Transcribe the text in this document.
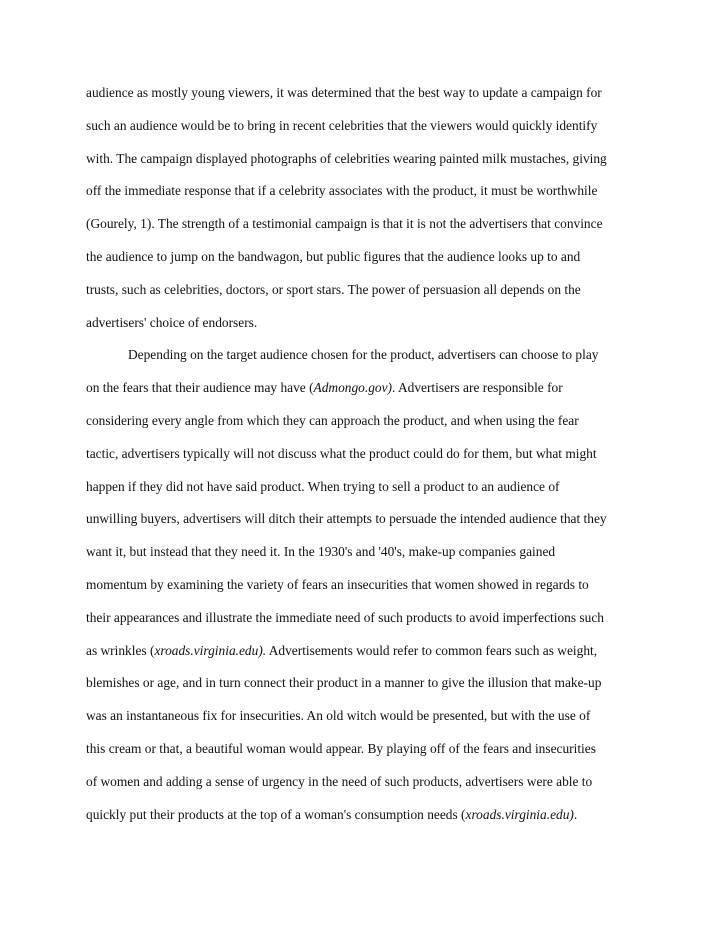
audience as mostly young viewers, it was determined that the best way to update a campaign for
such an audience would be to bring in recent celebrities that the viewers would quickly identify
with. The campaign displayed photographs of celebrities wearing painted milk mustaches, giving
off the immediate response that if a celebrity associates with the product, it must be worthwhile
(Gourely, 1). The strength of a testimonial campaign is that it is not the advertisers that convince
the audience to jump on the bandwagon, but public figures that the audience looks up to and
trusts, such as celebrities, doctors, or sport stars. The power of persuasion all depends on the
advertisers' choice of endorsers.
Depending on the target audience chosen for the product, advertisers can choose to play
on the fears that their audience may have (Admongo.gov). Advertisers are responsible for
considering every angle from which they can approach the product, and when using the fear
tactic, advertisers typically will not discuss what the product could do for them, but what might
happen if they did not have said product. When trying to sell a product to an audience of
unwilling buyers, advertisers will ditch their attempts to persuade the intended audience that they
want it, but instead that they need it. In the 1930's and '40's, make-up companies gained
momentum by examining the variety of fears an insecurities that women showed in regards to
their appearances and illustrate the immediate need of such products to avoid imperfections such
as wrinkles (xroads.virginia.edu). Advertisements would refer to common fears such as weight,
blemishes or age, and in turn connect their product in a manner to give the illusion that make-up
was an instantaneous fix for insecurities. An old witch would be presented, but with the use of
this cream or that, a beautiful woman would appear. By playing off of the fears and insecurities
of women and adding a sense of urgency in the need of such products, advertisers were able to
quickly put their products at the top of a woman's consumption needs (xroads.virginia.edu).
